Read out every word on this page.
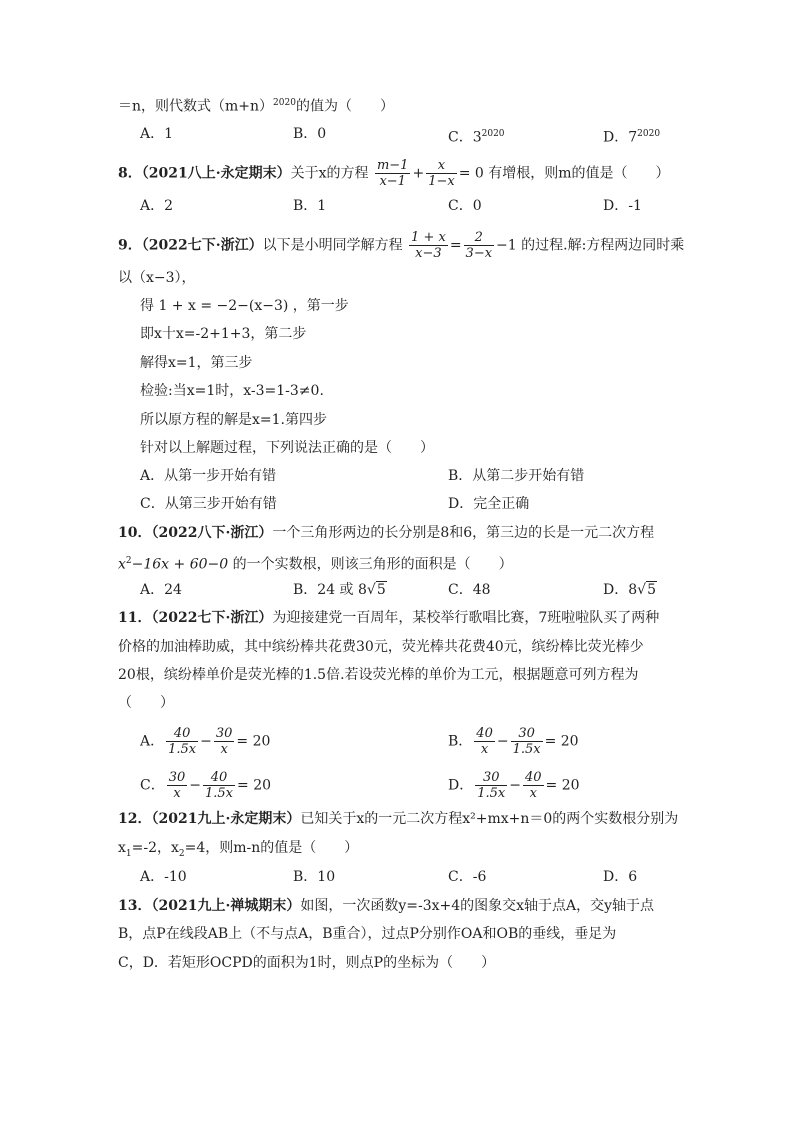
＝n，则代数式$(m+n)^{2020}$的值为（　　）
A．1	B．0	C．$3^{2020}$	D．$7^{2020}$
8．（2021八上·永定期末）关于x的方程 $\frac{m-1}{x-1} + \frac{x}{1-x} = 0$ 有增根，则m的值是（　　）
A．2	B．1	C．0	D．-1
9．（2022七下·浙江）以下是小明同学解方程 $\frac{1 + x}{x-3} = \frac{2}{3-x} -1$ 的过程.解:方程两边同时乘
以（x−3），
得 1 + x = −2−(x−3) ，第一步
即x十x=-2+1+3，第二步
解得x=1，第三步
检验:当x=1时，x-3=1-3≠0.
所以原方程的解是x=1.第四步
针对以上解题过程，下列说法正确的是（　　）
A．从第一步开始有错	B．从第二步开始有错
C．从第三步开始有错	D．完全正确
10．（2022八下·浙江）一个三角形两边的长分别是8和6，第三边的长是一元二次方程
$x^2-16x + 60-0$ 的一个实数根，则该三角形的面积是（　　）
A．24	B．24 或 8√5	C．48	D．8√5
11．（2022七下·浙江）为迎接建党一百周年，某校举行歌唱比赛，7班啦啦队买了两种
价格的加油棒助威，其中缤纷棒共花费30元，荧光棒共花费40元，缤纷棒比荧光棒少
20根，缤纷棒单价是荧光棒的1.5倍.若设荧光棒的单价为工元，根据题意可列方程为
（　　）
A． $\frac{40}{1.5x} - \frac{30}{x} = 20$	B． $\frac{40}{x} - \frac{30}{1.5x} = 20$
C． $\frac{30}{x} - \frac{40}{1.5x} = 20$	D． $\frac{30}{1.5x} - \frac{40}{x} = 20$
12．（2021九上·永定期末）已知关于x的一元二次方程x²+mx+n＝0的两个实数根分别为
$x_1=-2$，$x_2=4$，则m-n的值是（　　）
A．-10	B．10	C．-6	D．6
13．（2021九上·禅城期末）如图，一次函数y=-3x+4的图象交x轴于点A，交y轴于点
B，点P在线段AB上（不与点A，B重合），过点P分别作OA和OB的垂线，垂足为
C，D．若矩形OCPD的面积为1时，则点P的坐标为（　　）
